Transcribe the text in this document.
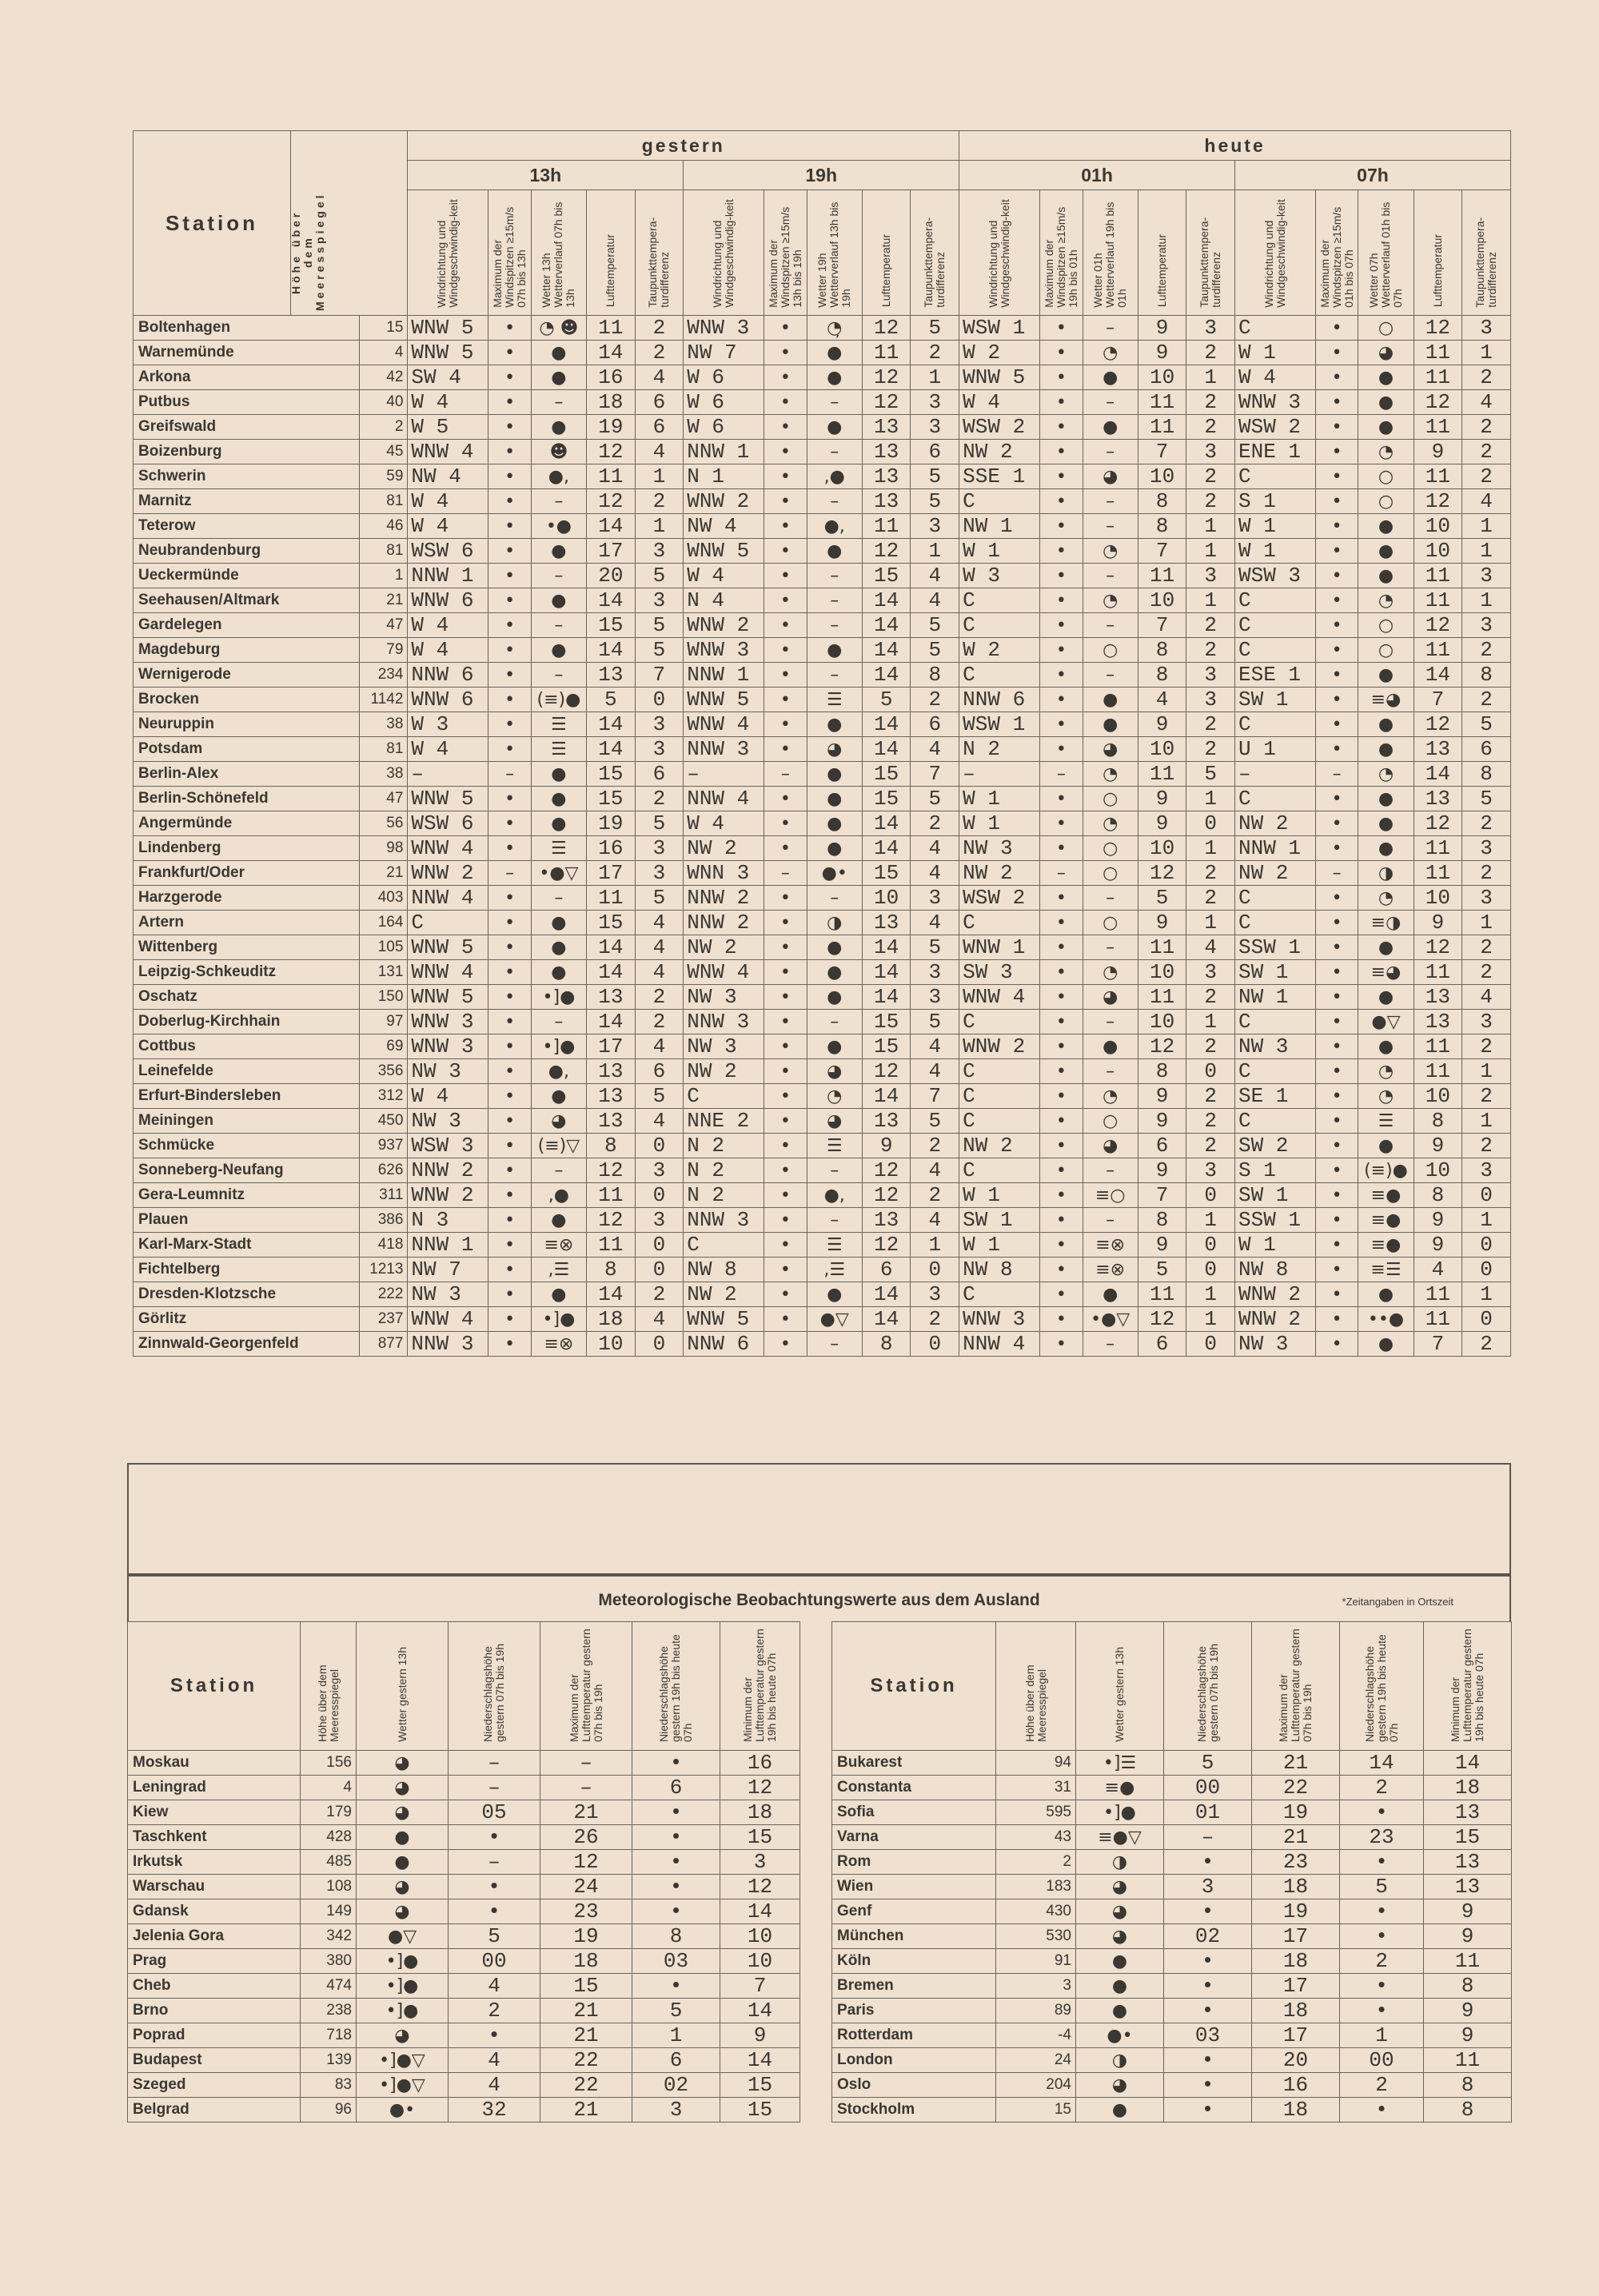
Station Höhe über dem Meeresspiegel		gestern										heute									
		13h					19h					01h					07h				
		Windrichtung und Windgeschwindig-keit	Maximum der Windspitzen ≥15m/s 07h bis 13h	Wetter 13h Wetterverlauf 07h bis 13h	Lufttemperatur	Taupunkttempera-turdifferenz	Windrichtung und Windgeschwindig-keit	Maximum der Windspitzen ≥15m/s 13h bis 19h	Wetter 19h Wetterverlauf 13h bis 19h	Lufttemperatur	Taupunkttempera-turdifferenz	Windrichtung und Windgeschwindig-keit	Maximum der Windspitzen ≥15m/s 19h bis 01h	Wetter 01h Wetterverlauf 19h bis 01h	Lufttemperatur	Taupunkttempera-turdifferenz	Windrichtung und Windgeschwindig-keit	Maximum der Windspitzen ≥15m/s 01h bis 07h	Wetter 07h Wetterverlauf 01h bis 07h	Lufttemperatur	Taupunkttempera-turdifferenz
Boltenhagen	15	WNW 5	•	◔ ☻	11	2	WNW 3	•	◔̦	12	5	WSW 1	•	–	9	3	C	•	○	12	3
Warnemünde	4	WNW 5	•	●	14	2	NW 7	•	●	11	2	W 2	•	◔	9	2	W 1	•	◕	11	1
Arkona	42	SW 4	•	●	16	4	W 6	•	●	12	1	WNW 5	•	●	10	1	W 4	•	●	11	2
Putbus	40	W 4	•	–	18	6	W 6	•	–	12	3	W 4	•	–	11	2	WNW 3	•	●	12	4
Greifswald	2	W 5	•	●	19	6	W 6	•	●	13	3	WSW 2	•	●	11	2	WSW 2	•	●	11	2
Boizenburg	45	WNW 4	•	☻	12	4	NNW 1	•	–	13	6	NW 2	•	–	7	3	ENE 1	•	◔	9	2
Schwerin	59	NW 4	•	●,	11	1	N 1	•	,●	13	5	SSE 1	•	◕	10	2	C	•	○	11	2
Marnitz	81	W 4	•	–	12	2	WNW 2	•	–	13	5	C	•	–	8	2	S 1	•	○	12	4
Teterow	46	W 4	•	•●	14	1	NW 4	•	●,	11	3	NW 1	•	–	8	1	W 1	•	●	10	1
Neubrandenburg	81	WSW 6	•	●	17	3	WNW 5	•	●	12	1	W 1	•	◔	7	1	W 1	•	●	10	1
Ueckermünde	1	NNW 1	•	–	20	5	W 4	•	–	15	4	W 3	•	–	11	3	WSW 3	•	●	11	3
Seehausen/Altmark	21	WNW 6	•	●	14	3	N 4	•	–	14	4	C	•	◔	10	1	C	•	◔	11	1
Gardelegen	47	W 4	•	–	15	5	WNW 2	•	–	14	5	C	•	–	7	2	C	•	○	12	3
Magdeburg	79	W 4	•	●	14	5	WNW 3	•	●	14	5	W 2	•	○	8	2	C	•	○	11	2
Wernigerode	234	NNW 6	•	–	13	7	NNW 1	•	–	14	8	C	•	–	8	3	ESE 1	•	●	14	8
Brocken	1142	WNW 6	•	(≡)●	5	0	WNW 5	•	☰	5	2	NNW 6	•	●	4	3	SW 1	•	≡◕	7	2
Neuruppin	38	W 3	•	☰	14	3	WNW 4	•	●	14	6	WSW 1	•	●	9	2	C	•	●	12	5
Potsdam	81	W 4	•	☰	14	3	NNW 3	•	◕	14	4	N 2	•	◕	10	2	U 1	•	●	13	6
Berlin-Alex	38	–	–	●	15	6	–	–	●	15	7	–	–	◔	11	5	–	–	◔	14	8
Berlin-Schönefeld	47	WNW 5	•	●	15	2	NNW 4	•	●	15	5	W 1	•	○	9	1	C	•	●	13	5
Angermünde	56	WSW 6	•	●	19	5	W 4	•	●	14	2	W 1	•	◔	9	0	NW 2	•	●	12	2
Lindenberg	98	WNW 4	•	☰	16	3	NW 2	•	●	14	4	NW 3	•	○	10	1	NNW 1	•	●	11	3
Frankfurt/Oder	21	WNW 2	–	•●▽	17	3	WNN 3	–	●•	15	4	NW 2	–	○	12	2	NW 2	–	◑	11	2
Harzgerode	403	NNW 4	•	–	11	5	NNW 2	•	–	10	3	WSW 2	•	–	5	2	C	•	◔	10	3
Artern	164	C	•	●	15	4	NNW 2	•	◑	13	4	C	•	○	9	1	C	•	≡◑	9	1
Wittenberg	105	WNW 5	•	●	14	4	NW 2	•	●	14	5	WNW 1	•	–	11	4	SSW 1	•	●	12	2
Leipzig-Schkeuditz	131	WNW 4	•	●	14	4	WNW 4	•	●	14	3	SW 3	•	◔	10	3	SW 1	•	≡◕	11	2
Oschatz	150	WNW 5	•	•]●	13	2	NW 3	•	●	14	3	WNW 4	•	◕	11	2	NW 1	•	●	13	4
Doberlug-Kirchhain	97	WNW 3	•	–	14	2	NNW 3	•	–	15	5	C	•	–	10	1	C	•	●▽	13	3
Cottbus	69	WNW 3	•	•]●	17	4	NW 3	•	●	15	4	WNW 2	•	●	12	2	NW 3	•	●	11	2
Leinefelde	356	NW 3	•	●,	13	6	NW 2	•	◕	12	4	C	•	–	8	0	C	•	◔	11	1
Erfurt-Bindersleben	312	W 4	•	●	13	5	C	•	◔	14	7	C	•	◔	9	2	SE 1	•	◔	10	2
Meiningen	450	NW 3	•	◕	13	4	NNE 2	•	◕	13	5	C	•	○	9	2	C	•	☰	8	1
Schmücke	937	WSW 3	•	(≡)▽	8	0	N 2	•	☰	9	2	NW 2	•	◕	6	2	SW 2	•	●	9	2
Sonneberg-Neufang	626	NNW 2	•	–	12	3	N 2	•	–	12	4	C	•	–	9	3	S 1	•	(≡)●	10	3
Gera-Leumnitz	311	WNW 2	•	,●	11	0	N 2	•	●,	12	2	W 1	•	≡○	7	0	SW 1	•	≡●	8	0
Plauen	386	N 3	•	●	12	3	NNW 3	•	–	13	4	SW 1	•	–	8	1	SSW 1	•	≡●	9	1
Karl-Marx-Stadt	418	NNW 1	•	≡⊗	11	0	C	•	☰	12	1	W 1	•	≡⊗	9	0	W 1	•	≡●	9	0
Fichtelberg	1213	NW 7	•	,☰	8	0	NW 8	•	,☰	6	0	NW 8	•	≡⊗	5	0	NW 8	•	≡☰	4	0
Dresden-Klotzsche	222	NW 3	•	●	14	2	NW 2	•	●	14	3	C	•	●	11	1	WNW 2	•	●	11	1
Görlitz	237	WNW 4	•	•]●	18	4	WNW 5	•	●▽	14	2	WNW 3	•	•●▽	12	1	WNW 2	•	••●	11	0
Zinnwald-Georgenfeld	877	NNW 3	•	≡⊗	10	0	NNW 6	•	–	8	0	NNW 4	•	–	6	0	NW 3	•	●	7	2
Meteorologische Beobachtungswerte aus dem Ausland	*Zeitangaben in Ortszeit
Station	Höhe über dem Meeresspiegel	Wetter gestern 13h	Niederschlagshöhe gestern 07h bis 19h	Maximum der Lufttemperatur gestern 07h bis 19h	Niederschlagshöhe gestern 19h bis heute 07h	Minimum der Lufttemperatur gestern 19h bis heute 07h
Moskau	156	◕	–	–	•	16
Leningrad	4	◕	–	–	6	12
Kiew	179	◕	05	21	•	18
Taschkent	428	●	•	26	•	15
Irkutsk	485	●	–	12	•	3
Warschau	108	◕	•	24	•	12
Gdansk	149	◕	•	23	•	14
Jelenia Gora	342	●▽	5	19	8	10
Prag	380	•]●	00	18	03	10
Cheb	474	•]●	4	15	•	7
Brno	238	•]●	2	21	5	14
Poprad	718	◕	•	21	1	9
Budapest	139	•]●▽	4	22	6	14
Szeged	83	•]●▽	4	22	02	15
Belgrad	96	●•	32	21	3	15
Station	Höhe über dem Meeresspiegel	Wetter gestern 13h	Niederschlagshöhe gestern 07h bis 19h	Maximum der Lufttemperatur gestern 07h bis 19h	Niederschlagshöhe gestern 19h bis heute 07h	Minimum der Lufttemperatur gestern 19h bis heute 07h
Bukarest	94	•]☰	5	21	14	14
Constanta	31	≡●	00	22	2	18
Sofia	595	•]●	01	19	•	13
Varna	43	≡●▽	–	21	23	15
Rom	2	◑	•	23	•	13
Wien	183	◕	3	18	5	13
Genf	430	◕	•	19	•	9
München	530	◕	02	17	•	9
Köln	91	●	•	18	2	11
Bremen	3	●	•	17	•	8
Paris	89	●	•	18	•	9
Rotterdam	-4	●•	03	17	1	9
London	24	◑	•	20	00	11
Oslo	204	◕	•	16	2	8
Stockholm	15	●	•	18	•	8
